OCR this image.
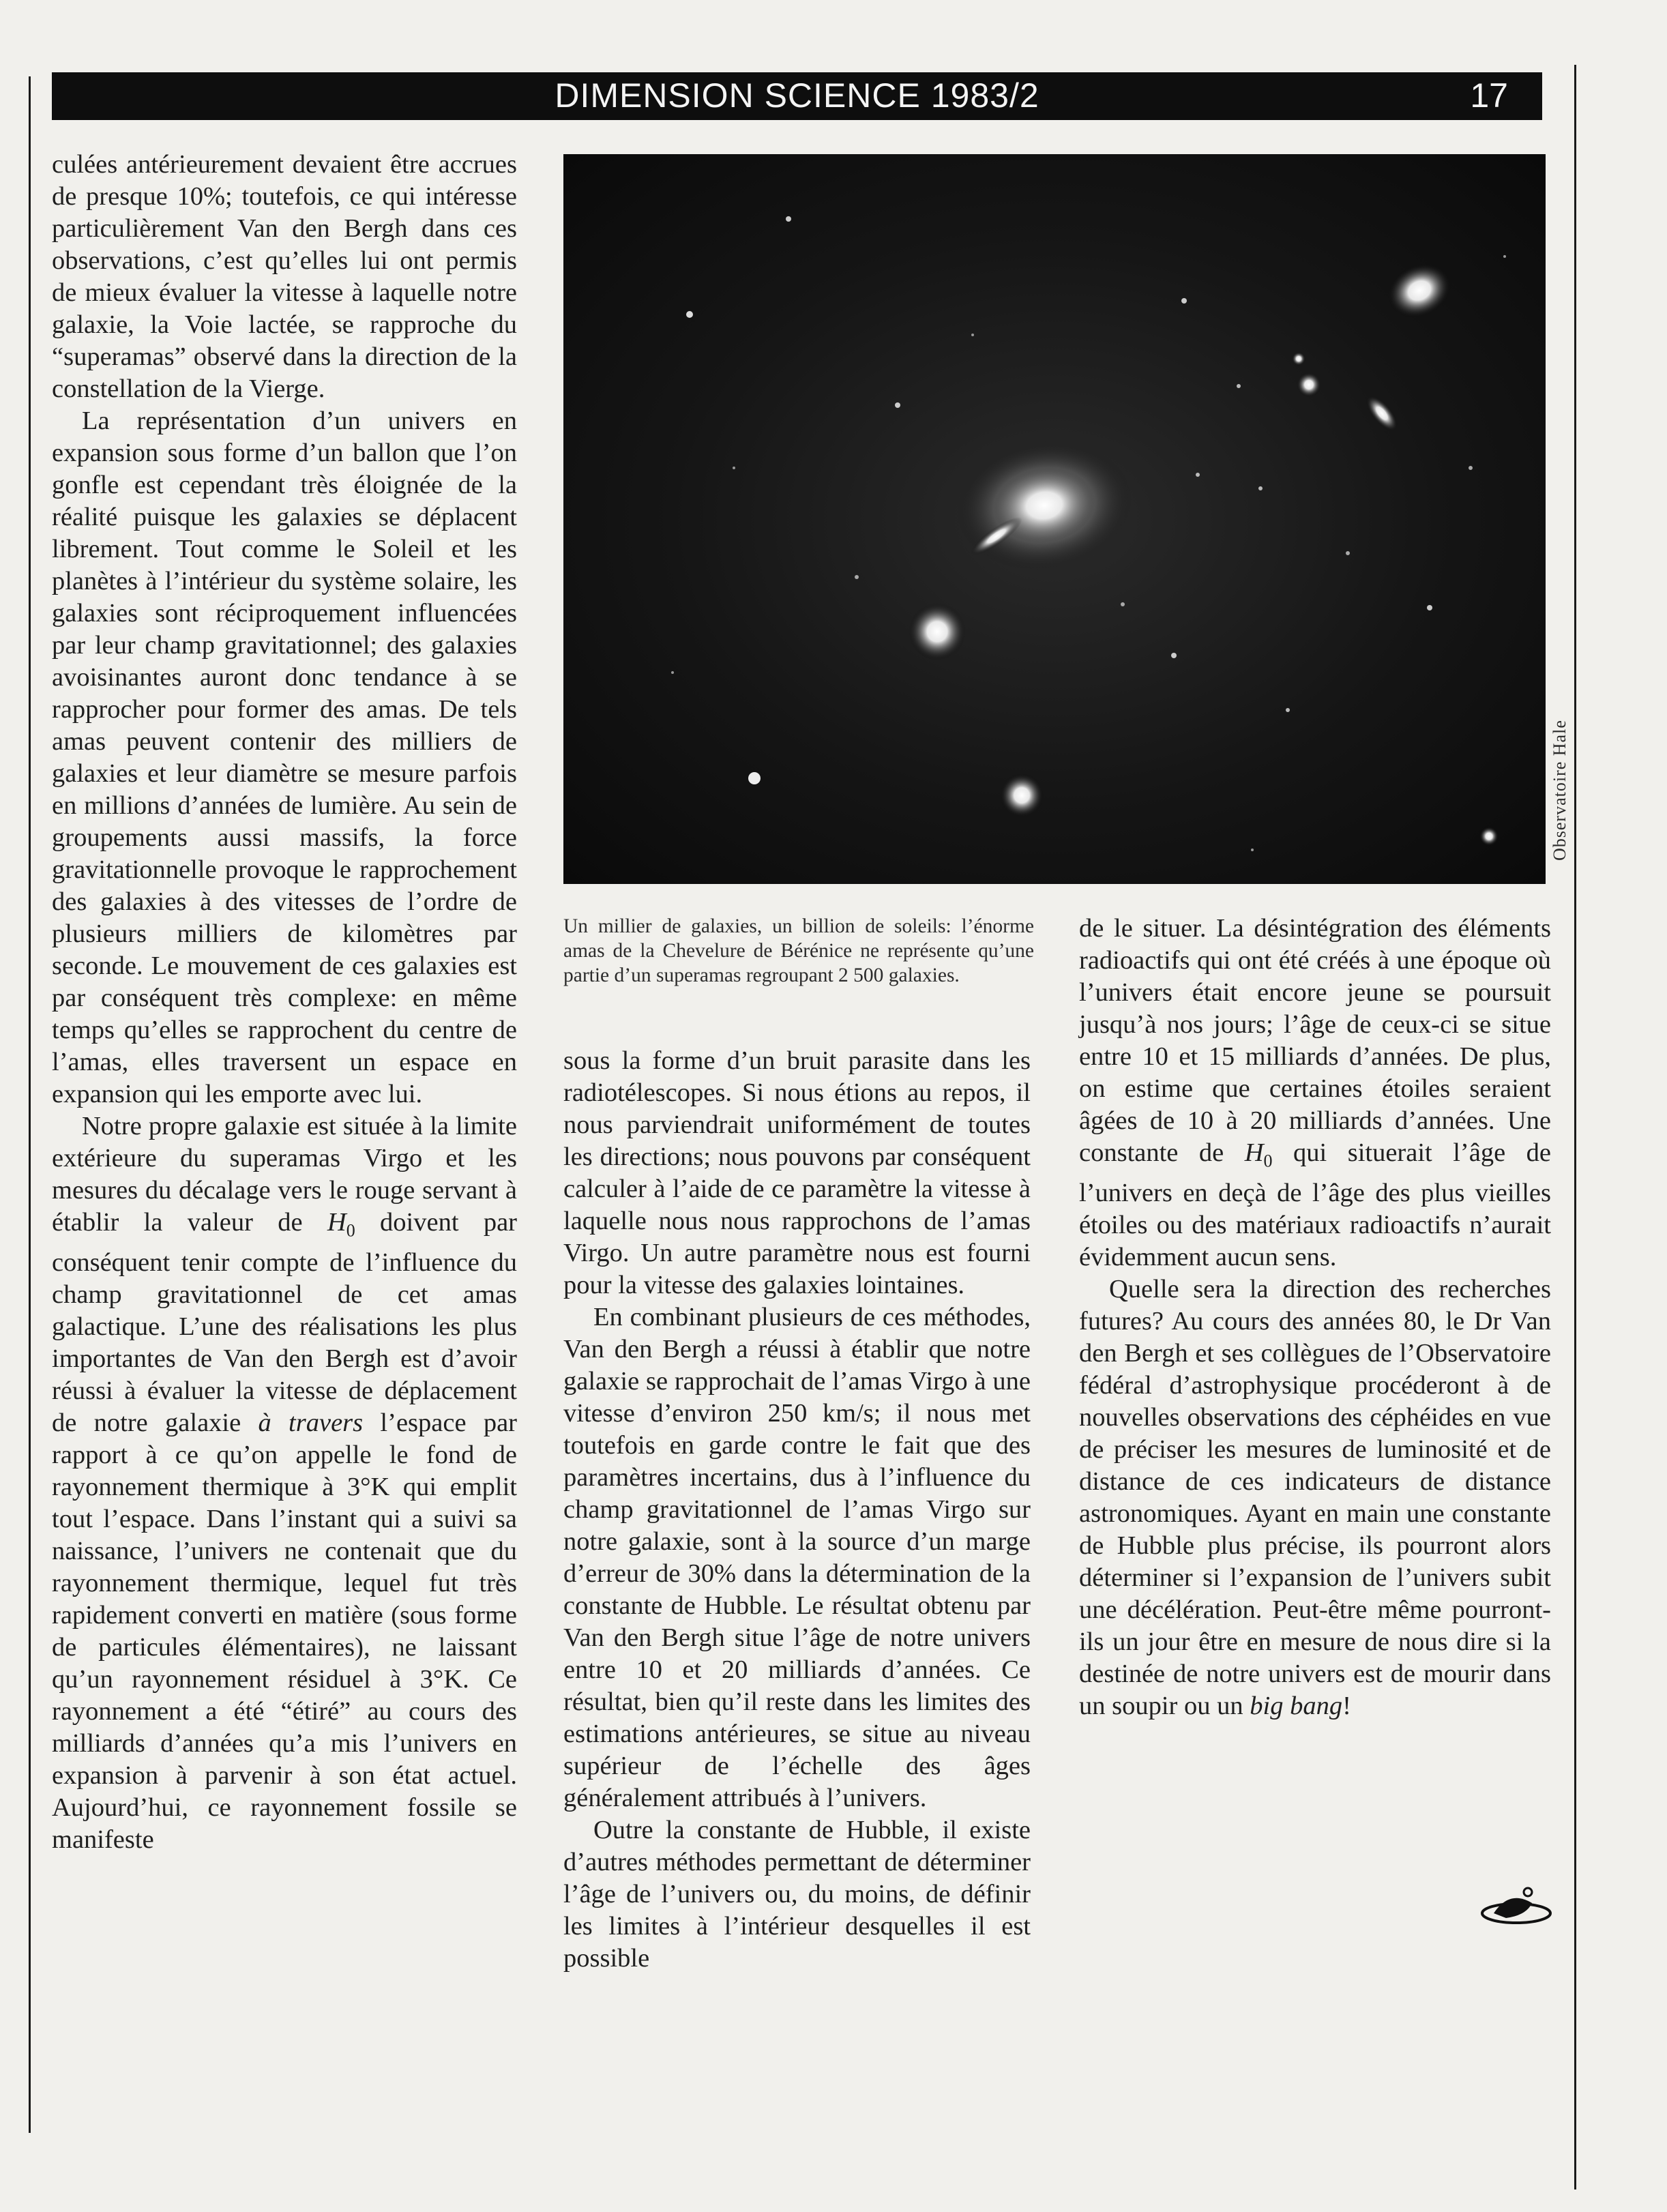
DIMENSION SCIENCE 1983/2	17

culées antérieurement devaient être accrues de presque 10%; toutefois, ce qui intéresse particulièrement Van den Bergh dans ces observations, c’est qu’elles lui ont permis de mieux évaluer la vitesse à laquelle notre galaxie, la Voie lactée, se rapproche du “superamas” observé dans la direction de la constellation de la Vierge.

La représentation d’un univers en expansion sous forme d’un ballon que l’on gonfle est cependant très éloignée de la réalité puisque les galaxies se déplacent librement. Tout comme le Soleil et les planètes à l’intérieur du système solaire, les galaxies sont réciproquement influencées par leur champ gravitationnel; des galaxies avoisinantes auront donc tendance à se rapprocher pour former des amas. De tels amas peuvent contenir des milliers de galaxies et leur diamètre se mesure parfois en millions d’années de lumière. Au sein de groupements aussi massifs, la force gravitationnelle provoque le rapprochement des galaxies à des vitesses de l’ordre de plusieurs milliers de kilomètres par seconde. Le mouvement de ces galaxies est par conséquent très complexe: en même temps qu’elles se rapprochent du centre de l’amas, elles traversent un espace en expansion qui les emporte avec lui.

Notre propre galaxie est située à la limite extérieure du superamas Virgo et les mesures du décalage vers le rouge servant à établir la valeur de $H_0$ doivent par conséquent tenir compte de l’influence du champ gravitationnel de cet amas galactique. L’une des réalisations les plus importantes de Van den Bergh est d’avoir réussi à évaluer la vitesse de déplacement de notre galaxie à travers l’espace par rapport à ce qu’on appelle le fond de rayonnement thermique à 3°K qui emplit tout l’espace. Dans l’instant qui a suivi sa naissance, l’univers ne contenait que du rayonnement thermique, lequel fut très rapidement converti en matière (sous forme de particules élémentaires), ne laissant qu’un rayonnement résiduel à 3°K. Ce rayonnement a été “étiré” au cours des milliards d’années qu’a mis l’univers en expansion à parvenir à son état actuel. Aujourd’hui, ce rayonnement fossile se manifeste

Observatoire Hale
Un millier de galaxies, un billion de soleils: l’énorme amas de la Chevelure de Bérénice ne représente qu’une partie d’un superamas regroupant 2 500 galaxies.

sous la forme d’un bruit parasite dans les radiotélescopes. Si nous étions au repos, il nous parviendrait uniformément de toutes les directions; nous pouvons par conséquent calculer à l’aide de ce paramètre la vitesse à laquelle nous nous rapprochons de l’amas Virgo. Un autre paramètre nous est fourni pour la vitesse des galaxies lointaines.

En combinant plusieurs de ces méthodes, Van den Bergh a réussi à établir que notre galaxie se rapprochait de l’amas Virgo à une vitesse d’environ 250 km/s; il nous met toutefois en garde contre le fait que des paramètres incertains, dus à l’influence du champ gravitationnel de l’amas Virgo sur notre galaxie, sont à la source d’un marge d’erreur de 30% dans la détermination de la constante de Hubble. Le résultat obtenu par Van den Bergh situe l’âge de notre univers entre 10 et 20 milliards d’années. Ce résultat, bien qu’il reste dans les limites des estimations antérieures, se situe au niveau supérieur de l’échelle des âges généralement attribués à l’univers.

Outre la constante de Hubble, il existe d’autres méthodes permettant de déterminer l’âge de l’univers ou, du moins, de définir les limites à l’intérieur desquelles il est possible

de le situer. La désintégration des éléments radioactifs qui ont été créés à une époque où l’univers était encore jeune se poursuit jusqu’à nos jours; l’âge de ceux-ci se situe entre 10 et 15 milliards d’années. De plus, on estime que certaines étoiles seraient âgées de 10 à 20 milliards d’années. Une constante de $H_0$ qui situerait l’âge de l’univers en deçà de l’âge des plus vieilles étoiles ou des matériaux radioactifs n’aurait évidemment aucun sens.

Quelle sera la direction des recherches futures? Au cours des années 80, le Dr Van den Bergh et ses collègues de l’Observatoire fédéral d’astrophysique procéderont à de nouvelles observations des céphéides en vue de préciser les mesures de luminosité et de distance de ces indicateurs de distance astronomiques. Ayant en main une constante de Hubble plus précise, ils pourront alors déterminer si l’expansion de l’univers subit une décélération. Peut-être même pourront-ils un jour être en mesure de nous dire si la destinée de notre univers est de mourir dans un soupir ou un big bang!
